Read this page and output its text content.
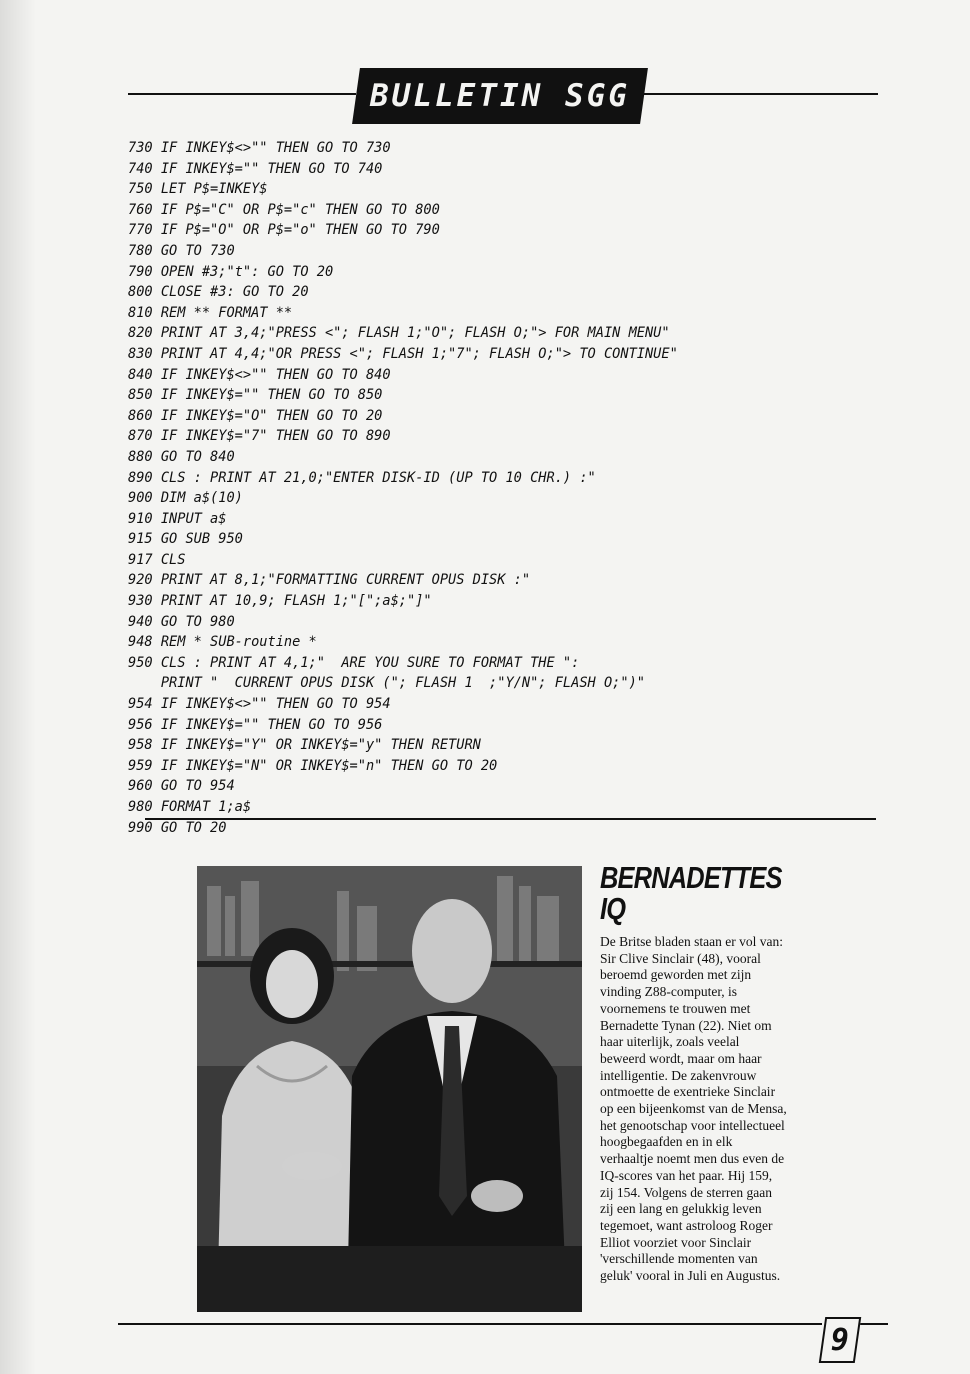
BULLETIN SGG
730 IF INKEY$<>"" THEN GO TO 730
740 IF INKEY$="" THEN GO TO 740
750 LET P$=INKEY$
760 IF P$="C" OR P$="c" THEN GO TO 800
770 IF P$="O" OR P$="o" THEN GO TO 790
780 GO TO 730
790 OPEN #3;"t": GO TO 20
800 CLOSE #3: GO TO 20
810 REM ** FORMAT **
820 PRINT AT 3,4;"PRESS <"; FLASH 1;"O"; FLASH O;"> FOR MAIN MENU"
830 PRINT AT 4,4;"OR PRESS <"; FLASH 1;"7"; FLASH O;"> TO CONTINUE"
840 IF INKEY$<>"" THEN GO TO 840
850 IF INKEY$="" THEN GO TO 850
860 IF INKEY$="O" THEN GO TO 20
870 IF INKEY$="7" THEN GO TO 890
880 GO TO 840
890 CLS : PRINT AT 21,0;"ENTER DISK-ID (UP TO 10 CHR.) :"
900 DIM a$(10)
910 INPUT a$
915 GO SUB 950
917 CLS
920 PRINT AT 8,1;"FORMATTING CURRENT OPUS DISK :"
930 PRINT AT 10,9; FLASH 1;"[";a$;"]"
940 GO TO 980
948 REM * SUB-routine *
950 CLS : PRINT AT 4,1;"  ARE YOU SURE TO FORMAT THE ":
PRINT "  CURRENT OPUS DISK ("; FLASH 1  ;"Y/N"; FLASH O;")"
954 IF INKEY$<>"" THEN GO TO 954
956 IF INKEY$="" THEN GO TO 956
958 IF INKEY$="Y" OR INKEY$="y" THEN RETURN
959 IF INKEY$="N" OR INKEY$="n" THEN GO TO 20
960 GO TO 954
980 FORMAT 1;a$
990 GO TO 20
BERNADETTES IQ
De Britse bladen staan er vol van: Sir Clive Sinclair (48), vooral beroemd geworden met zijn vinding Z88-computer, is voornemens te trouwen met Bernadette Tynan (22). Niet om haar uiterlijk, zoals veelal beweerd wordt, maar om haar intelligentie. De zakenvrouw ontmoette de exentrieke Sinclair op een bijeenkomst van de Mensa, het genootschap voor intellectueel hoogbegaafden en in elk verhaaltje noemt men dus even de IQ-scores van het paar. Hij 159, zij 154. Volgens de sterren gaan zij een lang en gelukkig leven tegemoet, want astroloog Roger Elliot voorziet voor Sinclair 'verschillende momenten van geluk' vooral in Juli en Augustus.
9
